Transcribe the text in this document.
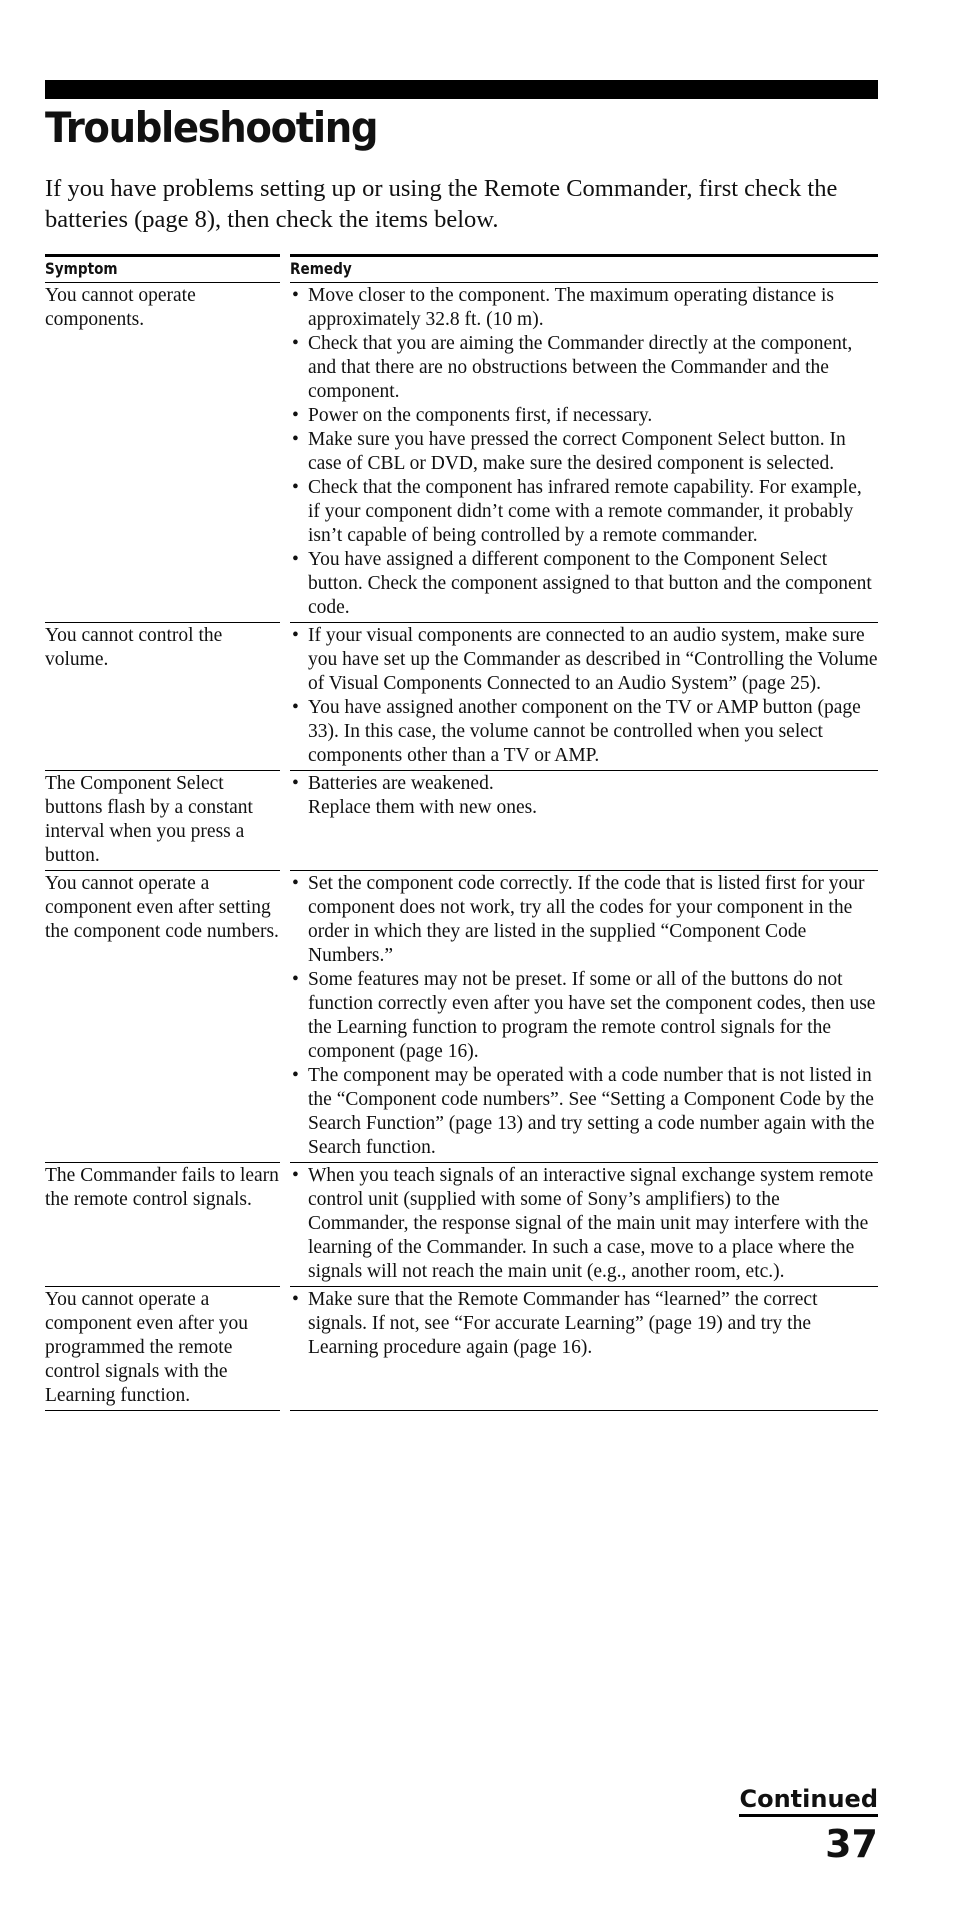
Troubleshooting

If you have problems setting up or using the Remote Commander, first check the batteries (page 8), then check the items below.

Symptom	Remedy
You cannot operate components.
• Move closer to the component. The maximum operating distance is approximately 32.8 ft. (10 m).
• Check that you are aiming the Commander directly at the component, and that there are no obstructions between the Commander and the component.
• Power on the components first, if necessary.
• Make sure you have pressed the correct Component Select button. In case of CBL or DVD, make sure the desired component is selected.
• Check that the component has infrared remote capability. For example, if your component didn’t come with a remote commander, it probably isn’t capable of being controlled by a remote commander.
• You have assigned a different component to the Component Select button. Check the component assigned to that button and the component code.
You cannot control the volume.
• If your visual components are connected to an audio system, make sure you have set up the Commander as described in “Controlling the Volume of Visual Components Connected to an Audio System” (page 25).
• You have assigned another component on the TV or AMP button (page 33). In this case, the volume cannot be controlled when you select components other than a TV or AMP.
The Component Select buttons flash by a constant interval when you press a button.
• Batteries are weakened.
Replace them with new ones.
You cannot operate a component even after setting the component code numbers.
• Set the component code correctly. If the code that is listed first for your component does not work, try all the codes for your component in the order in which they are listed in the supplied “Component Code Numbers.”
• Some features may not be preset. If some or all of the buttons do not function correctly even after you have set the component codes, then use the Learning function to program the remote control signals for the component (page 16).
• The component may be operated with a code number that is not listed in the “Component code numbers”. See “Setting a Component Code by the Search Function” (page 13) and try setting a code number again with the Search function.
The Commander fails to learn the remote control signals.
• When you teach signals of an interactive signal exchange system remote control unit (supplied with some of Sony’s amplifiers) to the Commander, the response signal of the main unit may interfere with the learning of the Commander. In such a case, move to a place where the signals will not reach the main unit (e.g., another room, etc.).
You cannot operate a component even after you programmed the remote control signals with the Learning function.
• Make sure that the Remote Commander has “learned” the correct signals. If not, see “For accurate Learning” (page 19) and try the Learning procedure again (page 16).
Continued
37
